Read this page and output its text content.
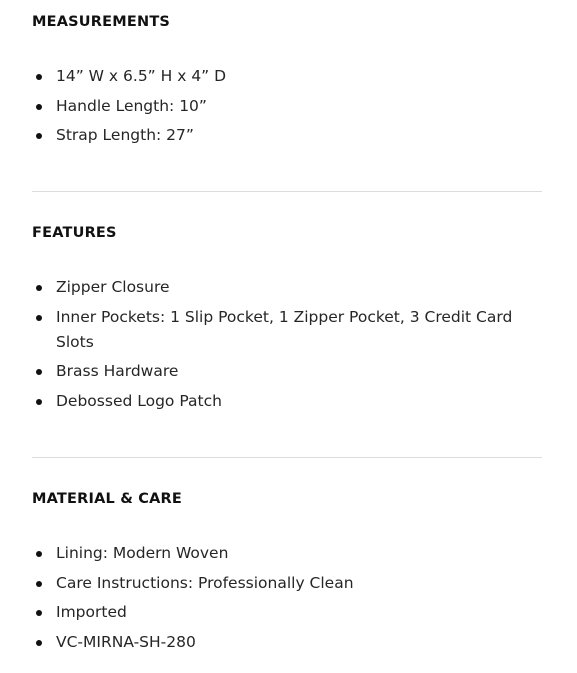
MEASUREMENTS
14” W x 6.5” H x 4” D
Handle Length: 10”
Strap Length: 27”
FEATURES
Zipper Closure
Inner Pockets: 1 Slip Pocket, 1 Zipper Pocket, 3 Credit Card Slots
Brass Hardware
Debossed Logo Patch
MATERIAL & CARE
Lining: Modern Woven
Care Instructions: Professionally Clean
Imported
VC-MIRNA-SH-280
